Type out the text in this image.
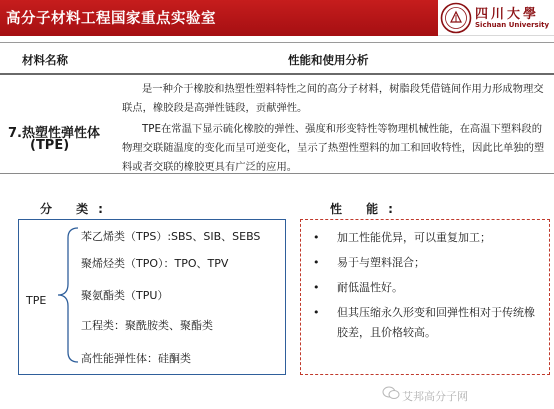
高分子材料工程国家重点实验室	四川大學
Sichuan University
材料名称	性能和使用分析
7.热塑性弹性体
(TPE)

是一种介于橡胶和热塑性塑料特性之间的高分子材料，树脂段凭借链间作用力形成物理交联点，橡胶段是高弹性链段，贡献弹性。

TPE在常温下显示硫化橡胶的弹性、强度和形变特性等物理机械性能，在高温下塑料段的物理交联随温度的变化而呈可逆变化，呈示了热塑性塑料的加工和回收特性，因此比单独的塑料或者交联的橡胶更具有广泛的应用。

分 类:	性 能:
TPE
苯乙烯类（TPS）:SBS、SIB、SEBS
聚烯烃类（TPO）：TPO、TPV
聚氨酯类（TPU）
工程类：聚酰胺类、聚酯类
高性能弹性体：硅酮类
•	加工性能优异，可以重复加工；
•	易于与塑料混合；
•	耐低温性好。
•	但其压缩永久形变和回弹性相对于传统橡胶差，且价格较高。
艾邦高分子网
